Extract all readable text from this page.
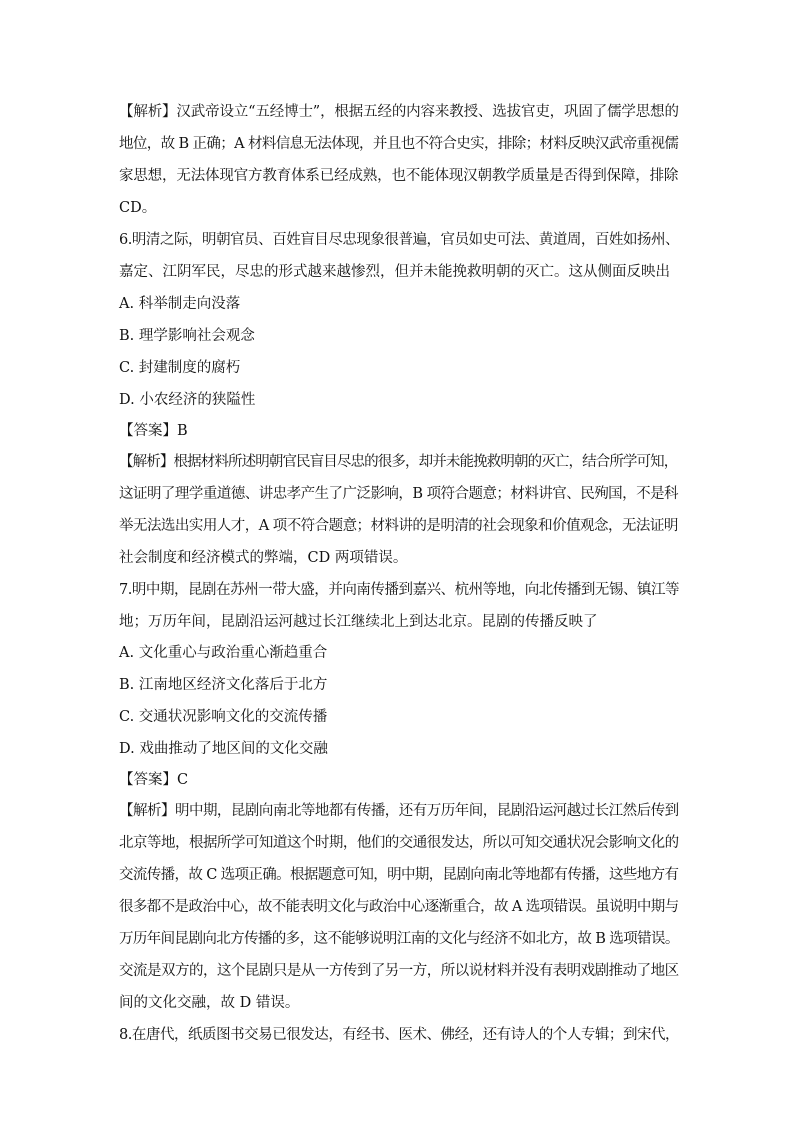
【解析】汉武帝设立“五经博士”，根据五经的内容来教授、选拔官吏，巩固了儒学思想的
地位，故 B 正确；A 材料信息无法体现，并且也不符合史实，排除；材料反映汉武帝重视儒
家思想，无法体现官方教育体系已经成熟，也不能体现汉朝教学质量是否得到保障，排除
CD。
6.明清之际，明朝官员、百姓盲目尽忠现象很普遍，官员如史可法、黄道周，百姓如扬州、
嘉定、江阴军民，尽忠的形式越来越惨烈，但并未能挽救明朝的灭亡。这从侧面反映出
A. 科举制走向没落
B. 理学影响社会观念
C. 封建制度的腐朽
D. 小农经济的狭隘性
【答案】B
【解析】根据材料所述明朝官民盲目尽忠的很多，却并未能挽救明朝的灭亡，结合所学可知，
这证明了理学重道德、讲忠孝产生了广泛影响，B 项符合题意；材料讲官、民殉国，不是科
举无法选出实用人才，A 项不符合题意；材料讲的是明清的社会现象和价值观念，无法证明
社会制度和经济模式的弊端，CD 两项错误。
7.明中期，昆剧在苏州一带大盛，并向南传播到嘉兴、杭州等地，向北传播到无锡、镇江等
地；万历年间，昆剧沿运河越过长江继续北上到达北京。昆剧的传播反映了
A. 文化重心与政治重心渐趋重合
B. 江南地区经济文化落后于北方
C. 交通状况影响文化的交流传播
D. 戏曲推动了地区间的文化交融
【答案】C
【解析】明中期，昆剧向南北等地都有传播，还有万历年间，昆剧沿运河越过长江然后传到
北京等地，根据所学可知道这个时期，他们的交通很发达，所以可知交通状况会影响文化的
交流传播，故 C 选项正确。根据题意可知，明中期，昆剧向南北等地都有传播，这些地方有
很多都不是政治中心，故不能表明文化与政治中心逐渐重合，故 A 选项错误。虽说明中期与
万历年间昆剧向北方传播的多，这不能够说明江南的文化与经济不如北方，故 B 选项错误。
交流是双方的，这个昆剧只是从一方传到了另一方，所以说材料并没有表明戏剧推动了地区
间的文化交融，故 D 错误。
8.在唐代，纸质图书交易已很发达，有经书、医术、佛经，还有诗人的个人专辑；到宋代，
